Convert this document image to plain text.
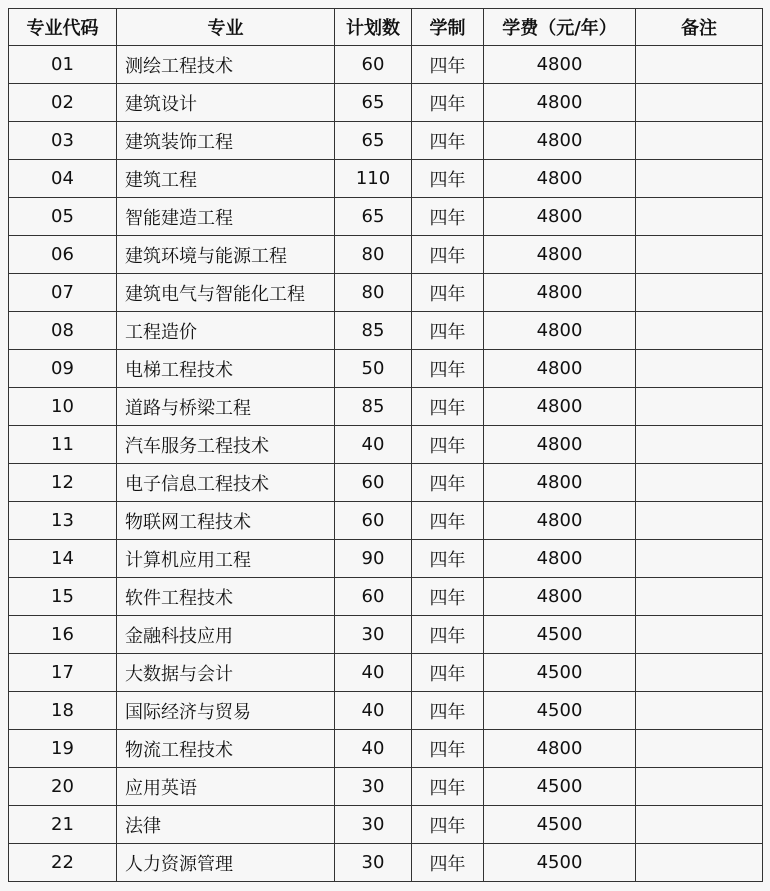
专业代码	专业	计划数	学制	学费（元/年）	备注
01	测绘工程技术	60	四年	4800	
02	建筑设计	65	四年	4800	
03	建筑装饰工程	65	四年	4800	
04	建筑工程	110	四年	4800	
05	智能建造工程	65	四年	4800	
06	建筑环境与能源工程	80	四年	4800	
07	建筑电气与智能化工程	80	四年	4800	
08	工程造价	85	四年	4800	
09	电梯工程技术	50	四年	4800	
10	道路与桥梁工程	85	四年	4800	
11	汽车服务工程技术	40	四年	4800	
12	电子信息工程技术	60	四年	4800	
13	物联网工程技术	60	四年	4800	
14	计算机应用工程	90	四年	4800	
15	软件工程技术	60	四年	4800	
16	金融科技应用	30	四年	4500	
17	大数据与会计	40	四年	4500	
18	国际经济与贸易	40	四年	4500	
19	物流工程技术	40	四年	4800	
20	应用英语	30	四年	4500	
21	法律	30	四年	4500	
22	人力资源管理	30	四年	4500	
